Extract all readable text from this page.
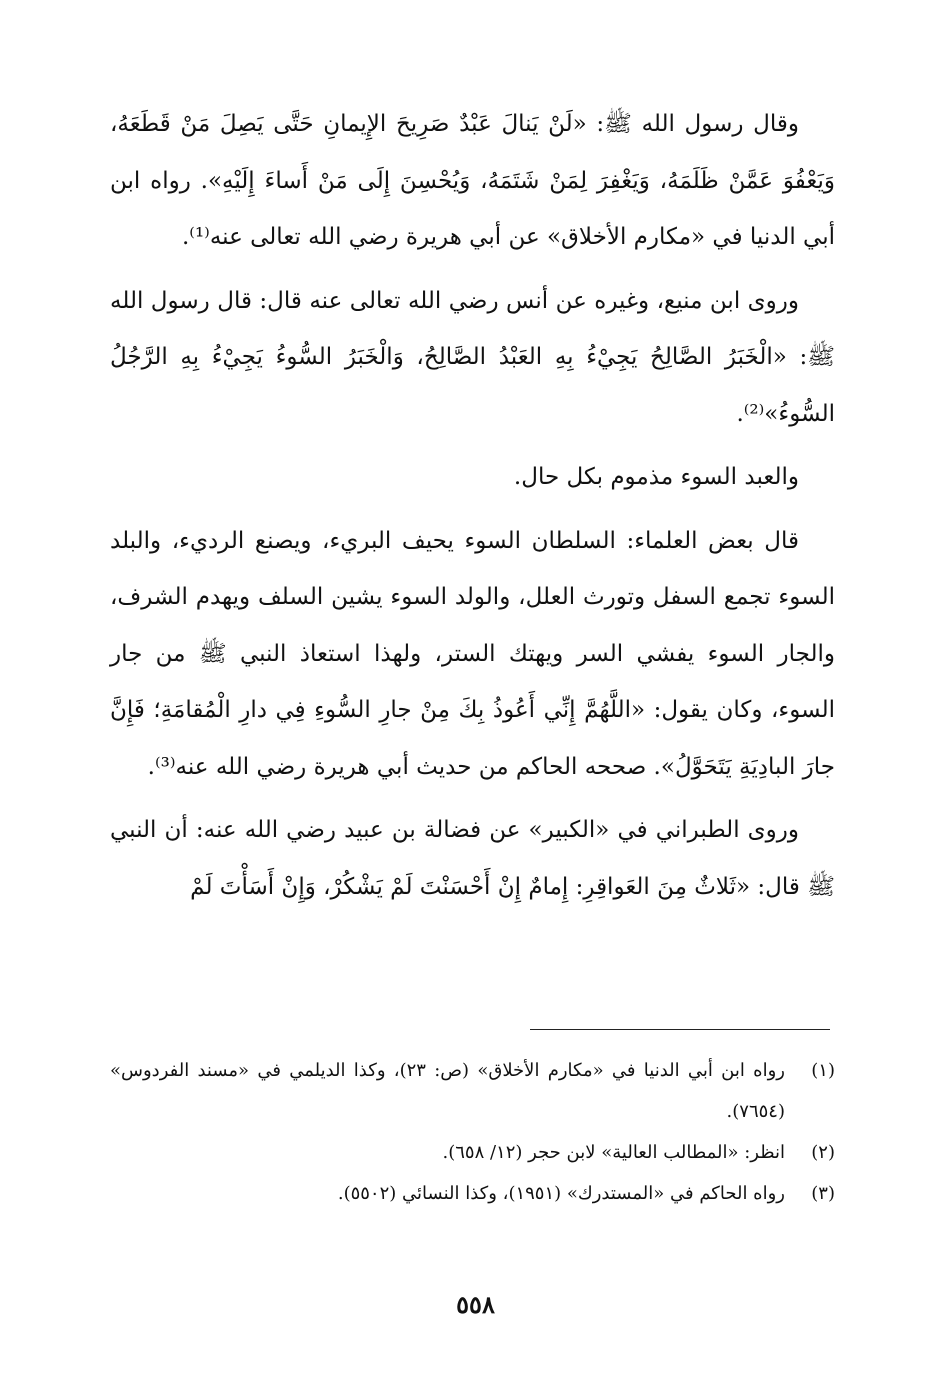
وقال رسول الله ﷺ: «لَنْ يَنالَ عَبْدٌ صَرِيحَ الإِيمانِ حَتَّى يَصِلَ مَنْ قَطَعَهُ، وَيَعْفُوَ عَمَّنْ ظَلَمَهُ، وَيَغْفِرَ لِمَنْ شَتَمَهُ، وَيُحْسِنَ إِلَى مَنْ أَساءَ إِلَيْهِ». رواه ابن أبي الدنيا في «مكارم الأخلاق» عن أبي هريرة رضي الله تعالى عنه⁽¹⁾.

وروى ابن منيع، وغيره عن أنس رضي الله تعالى عنه قال: قال رسول الله ﷺ: «الْخَبَرُ الصَّالِحُ يَجِيْءُ بِهِ العَبْدُ الصَّالِحُ، وَالْخَبَرُ السُّوءُ يَجِيْءُ بِهِ الرَّجُلُ السُّوءُ»⁽²⁾.

والعبد السوء مذموم بكل حال.

قال بعض العلماء: السلطان السوء يحيف البريء، ويصنع الرديء، والبلد السوء تجمع السفل وتورث العلل، والولد السوء يشين السلف ويهدم الشرف، والجار السوء يفشي السر ويهتك الستر، ولهذا استعاذ النبي ﷺ من جار السوء، وكان يقول: «اللَّهُمَّ إِنِّي أَعُوذُ بِكَ مِنْ جارِ السُّوءِ فِي دارِ الْمُقامَةِ؛ فَإِنَّ جارَ البادِيَةِ يَتَحَوَّلُ». صححه الحاكم من حديث أبي هريرة رضي الله عنه⁽³⁾.

وروى الطبراني في «الكبير» عن فضالة بن عبيد رضي الله عنه: أن النبي ﷺ قال: «ثَلاثٌ مِنَ العَواقِرِ: إِمامٌ إِنْ أَحْسَنْتَ لَمْ يَشْكُرْ، وَإِنْ أَسَأْتَ لَمْ

(١)
رواه ابن أبي الدنيا في «مكارم الأخلاق» (ص: ٢٣)، وكذا الديلمي في «مسند الفردوس» (٧٦٥٤).
(٢)
انظر: «المطالب العالية» لابن حجر (١٢/ ٦٥٨).
(٣)
رواه الحاكم في «المستدرك» (١٩٥١)، وكذا النسائي (٥٥٠٢).
٥٥٨
